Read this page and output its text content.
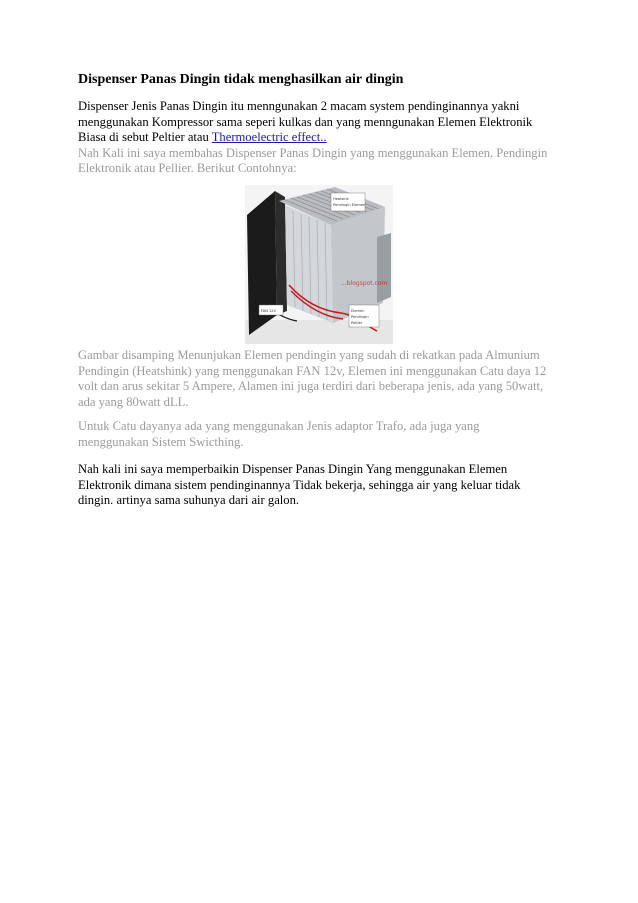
Dispenser Panas Dingin tidak menghasilkan air dingin
Dispenser Jenis Panas Dingin itu menngunakan 2 macam system pendinginannya yakni
menggunakan Kompressor sama seperi kulkas dan yang menngunakan Elemen Elektronik
Biasa di sebut Peltier atau Thermoelectric effect..
Nah Kali ini saya membahas Dispenser Panas Dingin yang menggunakan Elemen, Pendingin
Elektronik atau Pellier. Berikut Contohnya:
Heatsink
Pendingin Elemen
FAN 12V	Elemen
Pendingin
Peltier
...blogspot.com
Gambar disamping Menunjukan Elemen pendingin yang sudah di rekatkan pada Almunium
Pendingin (Heatshink) yang menggunakan FAN 12v, Elemen ini menggunakan Catu daya 12
volt dan arus sekitar 5 Ampere, Alamen ini juga terdiri dari beberapa jenis, ada yang 50watt,
ada yang 80watt dLL.
Untuk Catu dayanya ada yang menggunakan Jenis adaptor Trafo, ada juga yang
menggunakan Sistem Swicthing.
Nah kali ini saya memperbaikin Dispenser Panas Dingin Yang menggunakan Elemen
Elektronik dimana sistem pendinginannya Tidak bekerja, sehingga air yang keluar tidak
dingin. artinya sama suhunya dari air galon.
